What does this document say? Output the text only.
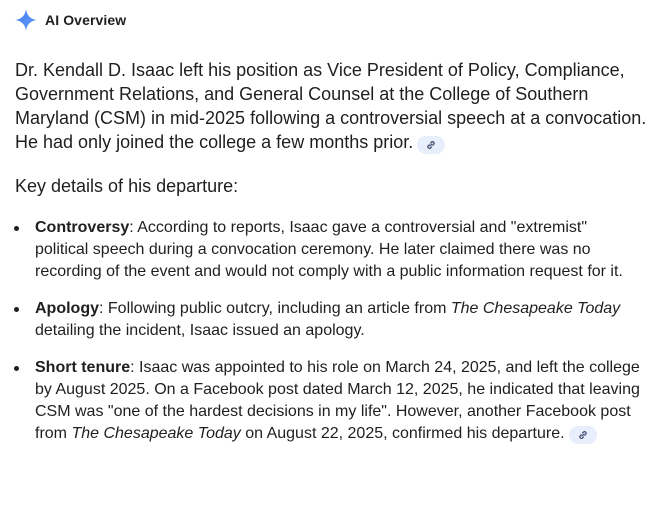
AI Overview
Dr. Kendall D. Isaac left his position as Vice President of Policy, Compliance, Government Relations, and General Counsel at the College of Southern Maryland (CSM) in mid-2025 following a controversial speech at a convocation. He had only joined the college a few months prior.
Key details of his departure:
Controversy: According to reports, Isaac gave a controversial and "extremist" political speech during a convocation ceremony. He later claimed there was no recording of the event and would not comply with a public information request for it.
Apology: Following public outcry, including an article from The Chesapeake Today detailing the incident, Isaac issued an apology.
Short tenure: Isaac was appointed to his role on March 24, 2025, and left the college by August 2025. On a Facebook post dated March 12, 2025, he indicated that leaving CSM was "one of the hardest decisions in my life". However, another Facebook post from The Chesapeake Today on August 22, 2025, confirmed his departure.
